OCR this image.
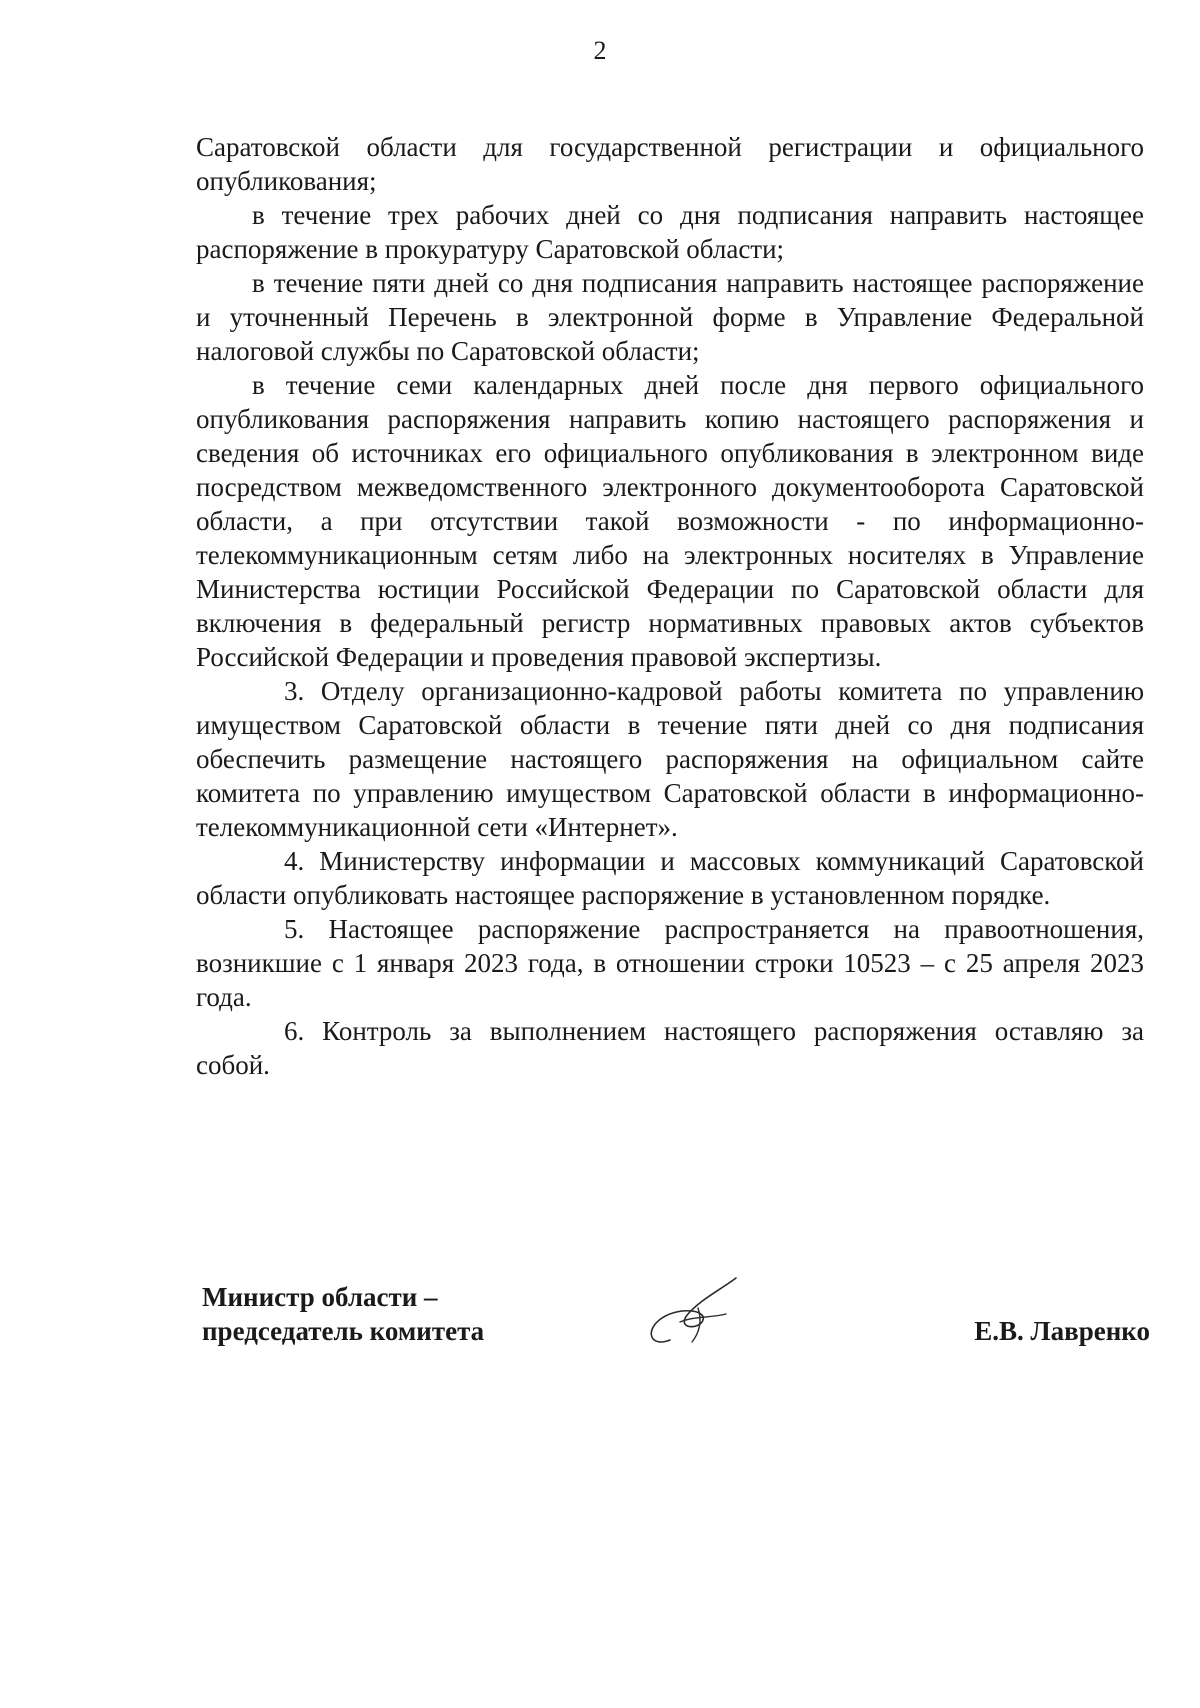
2

Саратовской области для государственной регистрации и официального опубликования;

в течение трех рабочих дней со дня подписания направить настоящее распоряжение в прокуратуру Саратовской области;

в течение пяти дней со дня подписания направить настоящее распоряжение и уточненный Перечень в электронной форме в Управление Федеральной налоговой службы по Саратовской области;

в течение семи календарных дней после дня первого официального опубликования распоряжения направить копию настоящего распоряжения и сведения об источниках его официального опубликования в электронном виде посредством межведомственного электронного документооборота Саратовской области, а при отсутствии такой возможности - по информационно-телекоммуникационным сетям либо на электронных носителях в Управление Министерства юстиции Российской Федерации по Саратовской области для включения в федеральный регистр нормативных правовых актов субъектов Российской Федерации и проведения правовой экспертизы.

3. Отделу организационно-кадровой работы комитета по управлению имуществом Саратовской области в течение пяти дней со дня подписания обеспечить размещение настоящего распоряжения на официальном сайте комитета по управлению имуществом Саратовской области в информационно-телекоммуникационной сети «Интернет».

4. Министерству информации и массовых коммуникаций Саратовской области опубликовать настоящее распоряжение в установленном порядке.

5. Настоящее распоряжение распространяется на правоотношения, возникшие с 1 января 2023 года, в отношении строки 10523 – с 25 апреля 2023 года.

6. Контроль за выполнением настоящего распоряжения оставляю за собой.

Министр области –
председатель комитета	Е.В. Лавренко
